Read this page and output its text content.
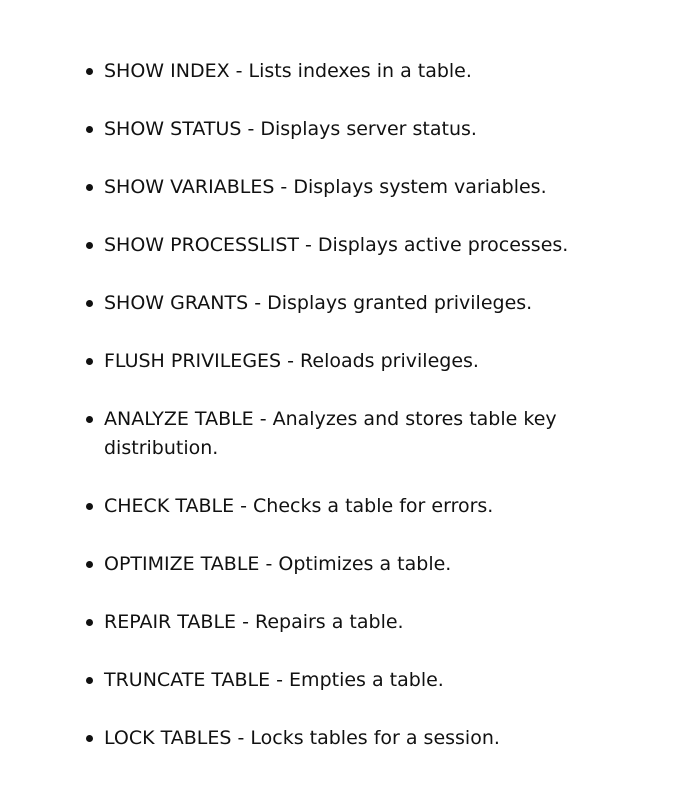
SHOW INDEX - Lists indexes in a table.
SHOW STATUS - Displays server status.
SHOW VARIABLES - Displays system variables.
SHOW PROCESSLIST - Displays active processes.
SHOW GRANTS - Displays granted privileges.
FLUSH PRIVILEGES - Reloads privileges.
ANALYZE TABLE - Analyzes and stores table key distribution.
CHECK TABLE - Checks a table for errors.
OPTIMIZE TABLE - Optimizes a table.
REPAIR TABLE - Repairs a table.
TRUNCATE TABLE - Empties a table.
LOCK TABLES - Locks tables for a session.
